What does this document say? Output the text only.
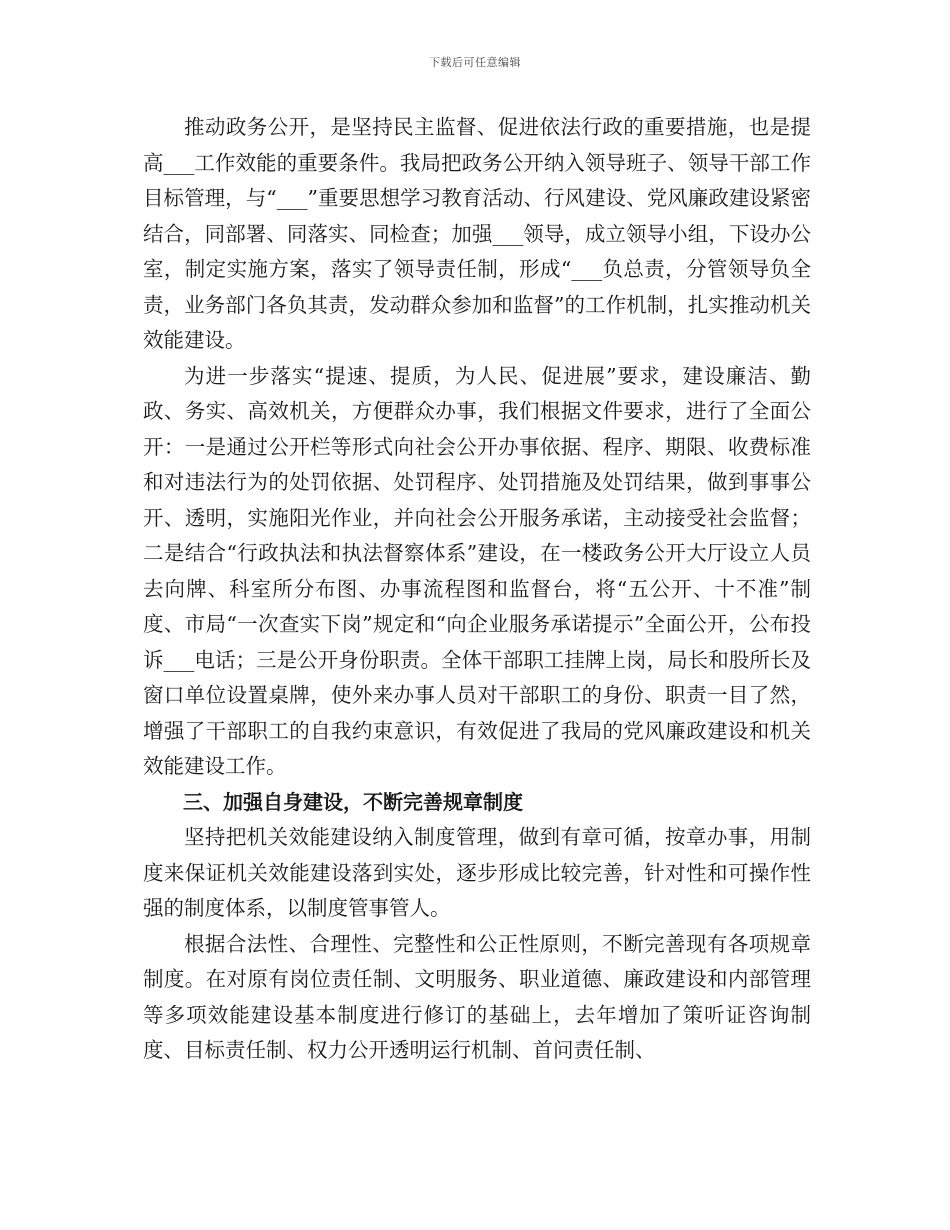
下载后可任意编辑

推动政务公开，是坚持民主监督、促进依法行政的重要措施，也是提高___工作效能的重要条件。我局把政务公开纳入领导班子、领导干部工作目标管理，与“___”重要思想学习教育活动、行风建设、党风廉政建设紧密结合，同部署、同落实、同检查；加强___领导，成立领导小组，下设办公室，制定实施方案，落实了领导责任制，形成“___负总责，分管领导负全责，业务部门各负其责，发动群众参加和监督”的工作机制，扎实推动机关效能建设。

为进一步落实“提速、提质，为人民、促进展”要求，建设廉洁、勤政、务实、高效机关，方便群众办事，我们根据文件要求，进行了全面公开：一是通过公开栏等形式向社会公开办事依据、程序、期限、收费标准和对违法行为的处罚依据、处罚程序、处罚措施及处罚结果，做到事事公开、透明，实施阳光作业，并向社会公开服务承诺，主动接受社会监督；二是结合“行政执法和执法督察体系”建设，在一楼政务公开大厅设立人员去向牌、科室所分布图、办事流程图和监督台，将“五公开、十不准”制度、市局“一次查实下岗”规定和“向企业服务承诺提示”全面公开，公布投诉___电话；三是公开身份职责。全体干部职工挂牌上岗，局长和股所长及窗口单位设置桌牌，使外来办事人员对干部职工的身份、职责一目了然，增强了干部职工的自我约束意识，有效促进了我局的党风廉政建设和机关效能建设工作。

三、加强自身建设，不断完善规章制度

坚持把机关效能建设纳入制度管理，做到有章可循，按章办事，用制度来保证机关效能建设落到实处，逐步形成比较完善，针对性和可操作性强的制度体系，以制度管事管人。

根据合法性、合理性、完整性和公正性原则，不断完善现有各项规章制度。在对原有岗位责任制、文明服务、职业道德、廉政建设和内部管理等多项效能建设基本制度进行修订的基础上，去年增加了策听证咨询制度、目标责任制、权力公开透明运行机制、首问责任制、
